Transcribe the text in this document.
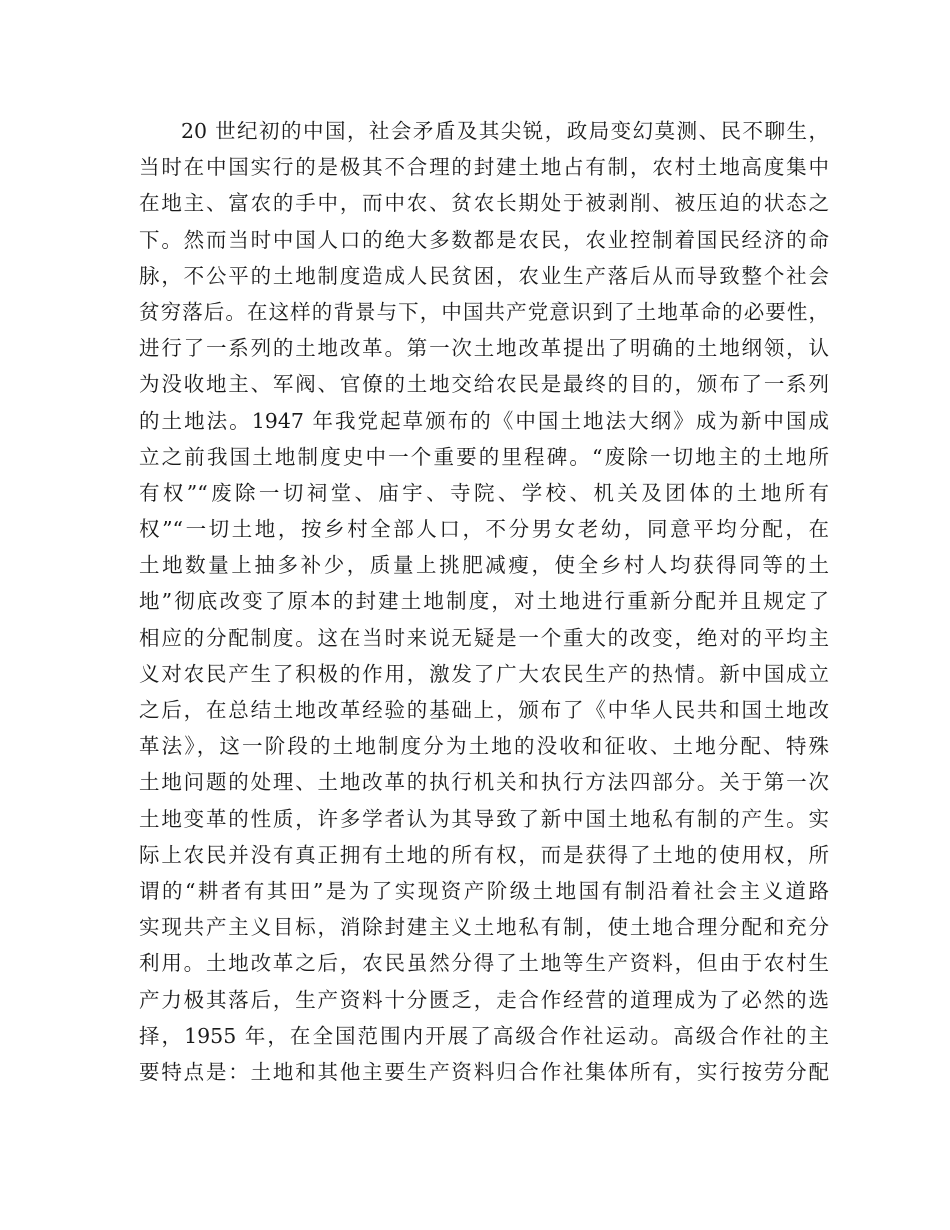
20 世纪初的中国，社会矛盾及其尖锐，政局变幻莫测、民不聊生，
当时在中国实行的是极其不合理的封建土地占有制，农村土地高度集中
在地主、富农的手中，而中农、贫农长期处于被剥削、被压迫的状态之
下。然而当时中国人口的绝大多数都是农民，农业控制着国民经济的命
脉，不公平的土地制度造成人民贫困，农业生产落后从而导致整个社会
贫穷落后。在这样的背景与下，中国共产党意识到了土地革命的必要性，
进行了一系列的土地改革。第一次土地改革提出了明确的土地纲领，认
为没收地主、军阀、官僚的土地交给农民是最终的目的，颁布了一系列
的土地法。1947 年我党起草颁布的《中国土地法大纲》成为新中国成
立之前我国土地制度史中一个重要的里程碑。“废除一切地主的土地所
有权”“废除一切祠堂、庙宇、寺院、学校、机关及团体的土地所有
权”“一切土地，按乡村全部人口，不分男女老幼，同意平均分配，在
土地数量上抽多补少，质量上挑肥减瘦，使全乡村人均获得同等的土
地”彻底改变了原本的封建土地制度，对土地进行重新分配并且规定了
相应的分配制度。这在当时来说无疑是一个重大的改变，绝对的平均主
义对农民产生了积极的作用，激发了广大农民生产的热情。新中国成立
之后，在总结土地改革经验的基础上，颁布了《中华人民共和国土地改
革法》，这一阶段的土地制度分为土地的没收和征收、土地分配、特殊
土地问题的处理、土地改革的执行机关和执行方法四部分。关于第一次
土地变革的性质，许多学者认为其导致了新中国土地私有制的产生。实
际上农民并没有真正拥有土地的所有权，而是获得了土地的使用权，所
谓的“耕者有其田”是为了实现资产阶级土地国有制沿着社会主义道路
实现共产主义目标，消除封建主义土地私有制，使土地合理分配和充分
利用。土地改革之后，农民虽然分得了土地等生产资料，但由于农村生
产力极其落后，生产资料十分匮乏，走合作经营的道理成为了必然的选
择，1955 年，在全国范围内开展了高级合作社运动。高级合作社的主
要特点是：土地和其他主要生产资料归合作社集体所有，实行按劳分配
